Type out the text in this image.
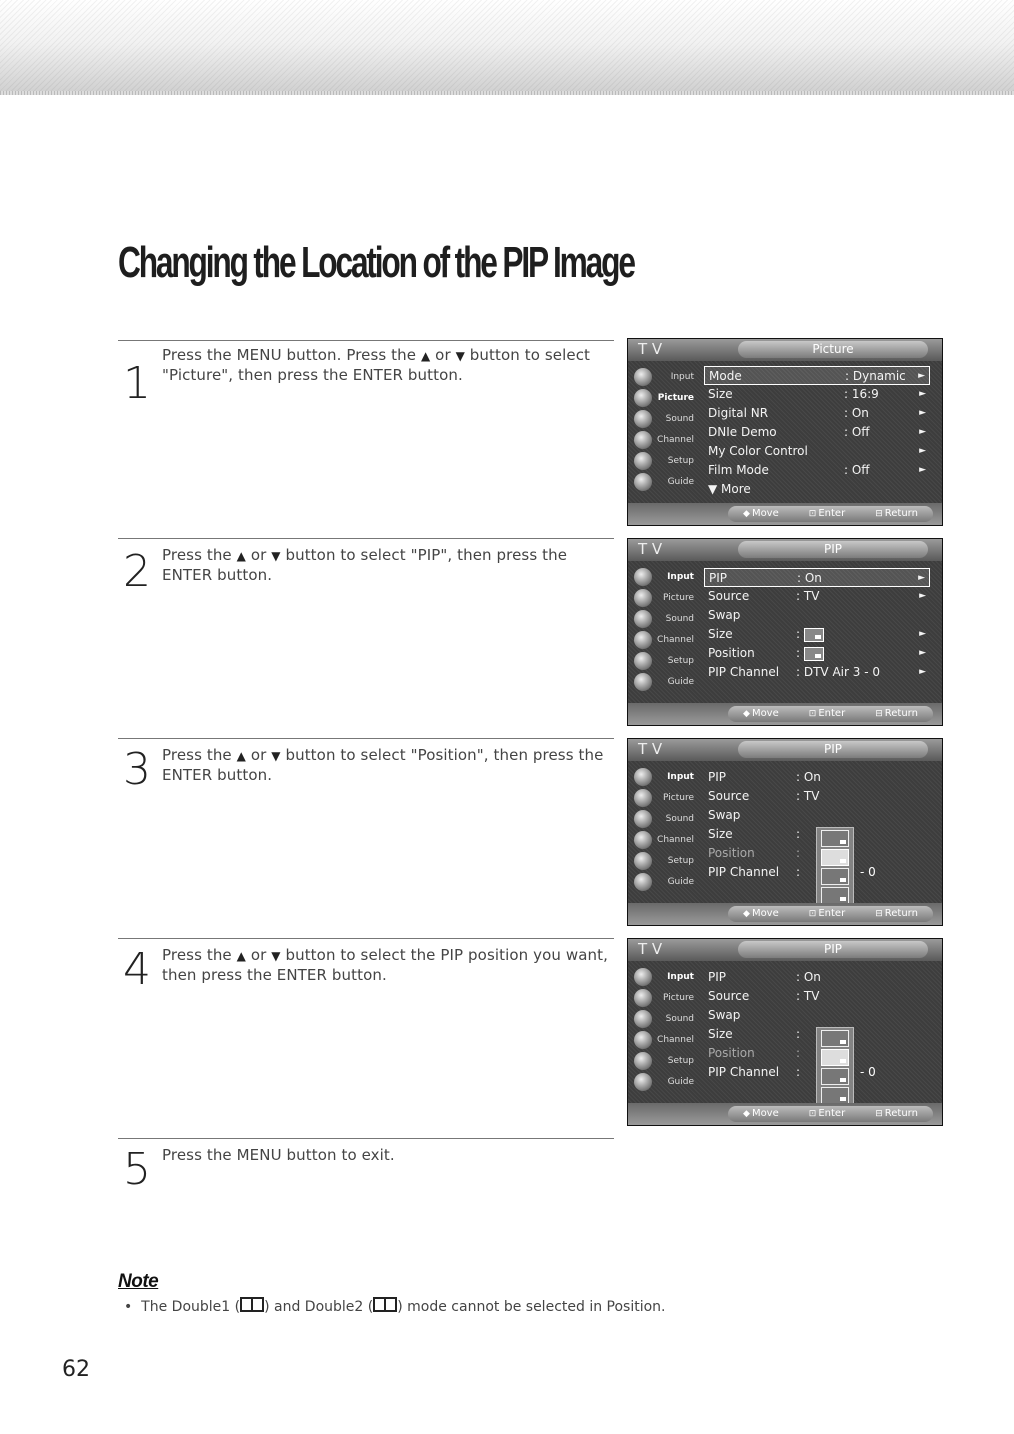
Changing the Location of the PIP Image
1
Press the MENU button. Press the ▲ or ▼ button to select "Picture", then press the ENTER button.
T V	Picture
Input
Picture
Sound
Channel
Setup
Guide
Mode	: Dynamic ►
Size	: 16:9	►
Digital NR	: On	►
DNIe Demo	: Off	►
My Color Control	►
Film Mode	: Off	►
▼ More
◆ Move	⊡ Enter	⊟ Return
2 Press the ▲ or ▼ button to select "PIP", then press the ENTER button.
T V	PIP
Input
Picture
Sound
Channel
Setup
Guide
PIP	: On	►
Source	: TV	►
Swap
Size	:	►
Position	:	►
PIP Channel : DTV Air 3 - 0	►
◆ Move	⊡ Enter	⊟ Return
3 Press the ▲ or ▼ button to select "Position", then press the ENTER button.
T V	PIP
Input
Picture
Sound
Channel
Setup
Guide
PIP	: On
Source	: TV
Swap
Size	:
Position	:
PIP Channel :	- 0
◆ Move	⊡ Enter	⊟ Return
4 Press the ▲ or ▼ button to select the PIP position you want, then press the ENTER button.
T V	PIP
Input
Picture
Sound
Channel
Setup
Guide
PIP	: On
Source	: TV
Swap
Size	:
Position	:
PIP Channel :	- 0
◆ Move	⊡ Enter	⊟ Return
5 Press the MENU button to exit.
Note
• The Double1 ( ) and Double2 ( ) mode cannot be selected in Position.
62
